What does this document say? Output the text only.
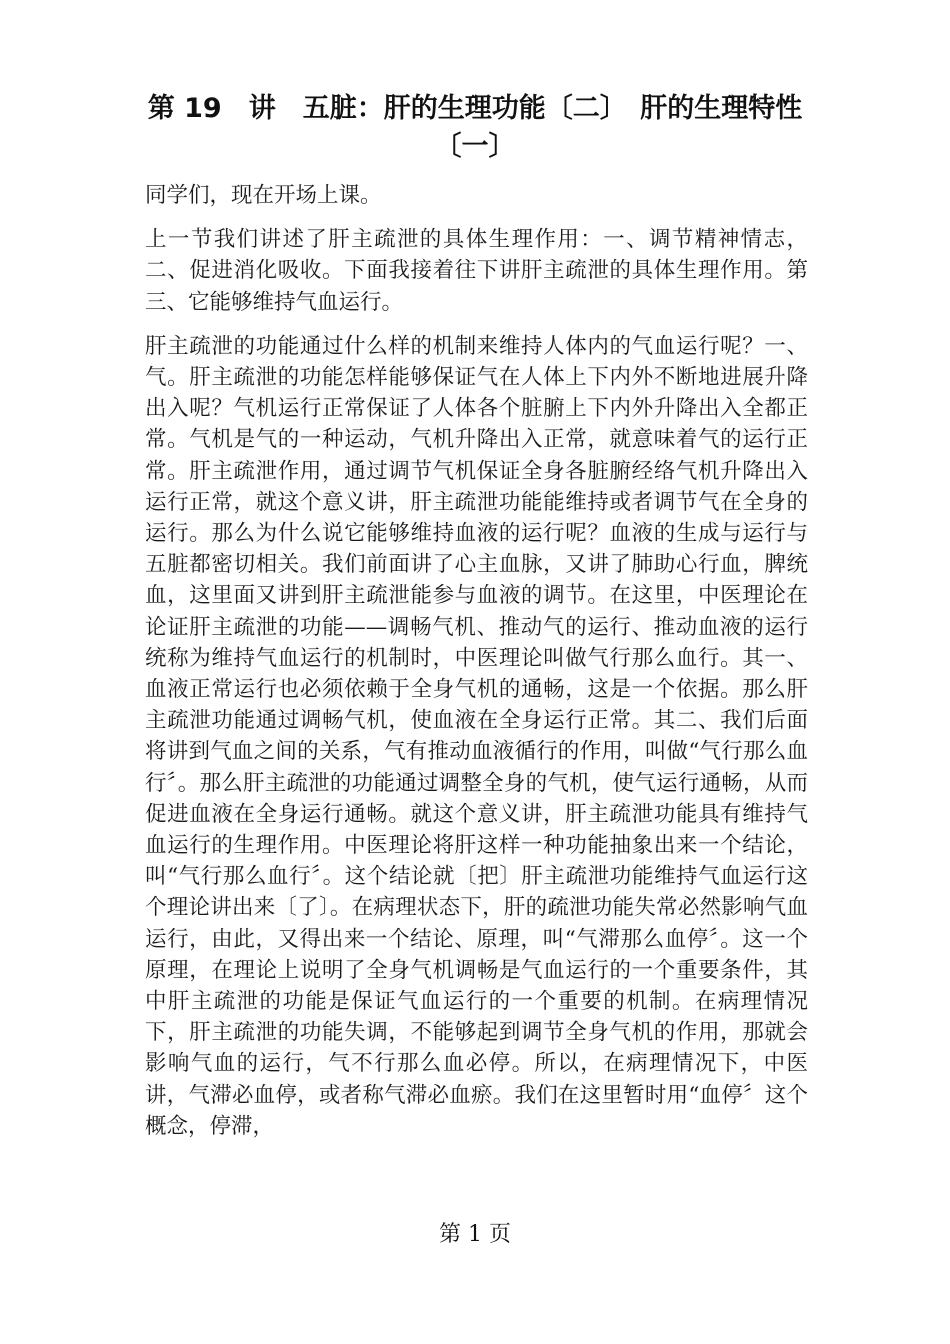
第 19　讲　五脏：肝的生理功能〔二〕　肝的生理特性〔一〕

同学们，现在开场上课。

上一节我们讲述了肝主疏泄的具体生理作用：一、调节精神情志，二、促进消化吸收。下面我接着往下讲肝主疏泄的具体生理作用。第三、它能够维持气血运行。

肝主疏泄的功能通过什么样的机制来维持人体内的气血运行呢？一、气。肝主疏泄的功能怎样能够保证气在人体上下内外不断地进展升降出入呢？气机运行正常保证了人体各个脏腑上下内外升降出入全都正常。气机是气的一种运动，气机升降出入正常，就意味着气的运行正常。肝主疏泄作用，通过调节气机保证全身各脏腑经络气机升降出入运行正常，就这个意义讲，肝主疏泄功能能维持或者调节气在全身的运行。那么为什么说它能够维持血液的运行呢？血液的生成与运行与五脏都密切相关。我们前面讲了心主血脉，又讲了肺助心行血，脾统血，这里面又讲到肝主疏泄能参与血液的调节。在这里，中医理论在论证肝主疏泄的功能——调畅气机、推动气的运行、推动血液的运行统称为维持气血运行的机制时，中医理论叫做气行那么血行。其一、血液正常运行也必须依赖于全身气机的通畅，这是一个依据。那么肝主疏泄功能通过调畅气机，使血液在全身运行正常。其二、我们后面将讲到气血之间的关系，气有推动血液循行的作用，叫做“气行那么血行〞。那么肝主疏泄的功能通过调整全身的气机，使气运行通畅，从而促进血液在全身运行通畅。就这个意义讲，肝主疏泄功能具有维持气血运行的生理作用。中医理论将肝这样一种功能抽象出来一个结论，叫“气行那么血行〞。这个结论就〔把〕肝主疏泄功能维持气血运行这个理论讲出来〔了〕。在病理状态下，肝的疏泄功能失常必然影响气血运行，由此，又得出来一个结论、原理，叫“气滞那么血停〞。这一个原理，在理论上说明了全身气机调畅是气血运行的一个重要条件，其中肝主疏泄的功能是保证气血运行的一个重要的机制。在病理情况下，肝主疏泄的功能失调，不能够起到调节全身气机的作用，那就会影响气血的运行，气不行那么血必停。所以，在病理情况下，中医讲，气滞必血停，或者称气滞必血瘀。我们在这里暂时用“血停〞这个概念，停滞，

第 1 页
